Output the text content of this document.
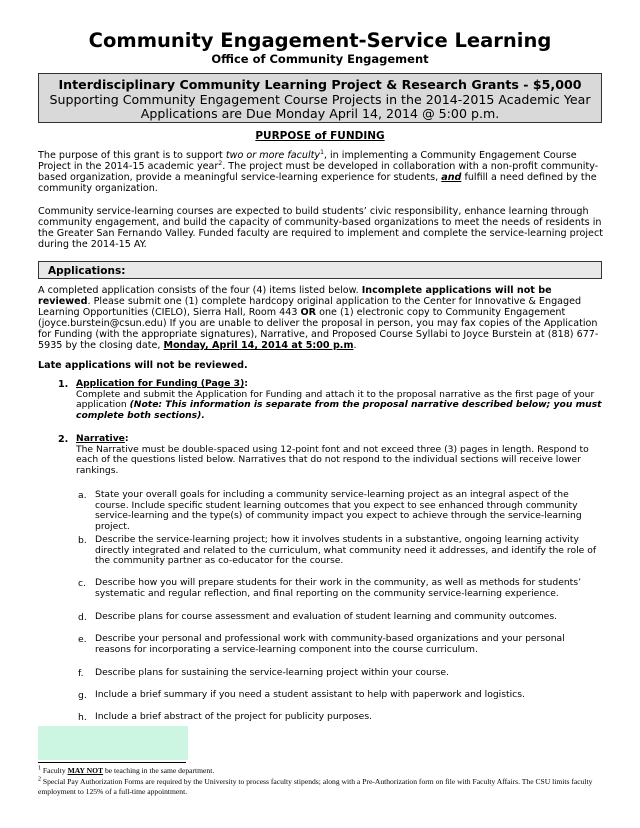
Community Engagement-Service Learning
Office of Community Engagement
Interdisciplinary Community Learning Project & Research Grants - $5,000
Supporting Community Engagement Course Projects in the 2014-2015 Academic Year
Applications are Due Monday April 14, 2014 @ 5:00 p.m.
PURPOSE of FUNDING
The purpose of this grant is to support two or more faculty$^1$, in implementing a Community Engagement Course Project in the 2014-15 academic year$^2$. The project must be developed in collaboration with a non-profit community-based organization, provide a meaningful service-learning experience for students, and fulfill a need defined by the community organization.
Community service-learning courses are expected to build students’ civic responsibility, enhance learning through community engagement, and build the capacity of community-based organizations to meet the needs of residents in the Greater San Fernando Valley. Funded faculty are required to implement and complete the service-learning project during the 2014-15 AY.
Applications:
A completed application consists of the four (4) items listed below. Incomplete applications will not be reviewed. Please submit one (1) complete hardcopy original application to the Center for Innovative & Engaged Learning Opportunities (CIELO), Sierra Hall, Room 443 OR one (1) electronic copy to Community Engagement (joyce.burstein@csun.edu) If you are unable to deliver the proposal in person, you may fax copies of the Application for Funding (with the appropriate signatures), Narrative, and Proposed Course Syllabi to Joyce Burstein at (818) 677-5935 by the closing date, Monday, April 14, 2014 at 5:00 p.m.
Late applications will not be reviewed.
1. Application for Funding (Page 3):
Complete and submit the Application for Funding and attach it to the proposal narrative as the first page of your application (Note: This information is separate from the proposal narrative described below; you must complete both sections).
2. Narrative:
The Narrative must be double-spaced using 12-point font and not exceed three (3) pages in length. Respond to each of the questions listed below. Narratives that do not respond to the individual sections will receive lower rankings.
a. State your overall goals for including a community service-learning project as an integral aspect of the course. Include specific student learning outcomes that you expect to see enhanced through community service-learning and the type(s) of community impact you expect to achieve through the service-learning project.
b. Describe the service-learning project; how it involves students in a substantive, ongoing learning activity directly integrated and related to the curriculum, what community need it addresses, and identify the role of the community partner as co-educator for the course.
c. Describe how you will prepare students for their work in the community, as well as methods for students’ systematic and regular reflection, and final reporting on the community service-learning experience.
d. Describe plans for course assessment and evaluation of student learning and community outcomes.
e. Describe your personal and professional work with community-based organizations and your personal reasons for incorporating a service-learning component into the course curriculum.
f. Describe plans for sustaining the service-learning project within your course.
g. Include a brief summary if you need a student assistant to help with paperwork and logistics.
h. Include a brief abstract of the project for publicity purposes.
$^1$ Faculty MAY NOT be teaching in the same department.
$^2$ Special Pay Authorization Forms are required by the University to process faculty stipends; along with a Pre-Authorization form on file with Faculty Affairs. The CSU limits faculty employment to 125% of a full-time appointment.
